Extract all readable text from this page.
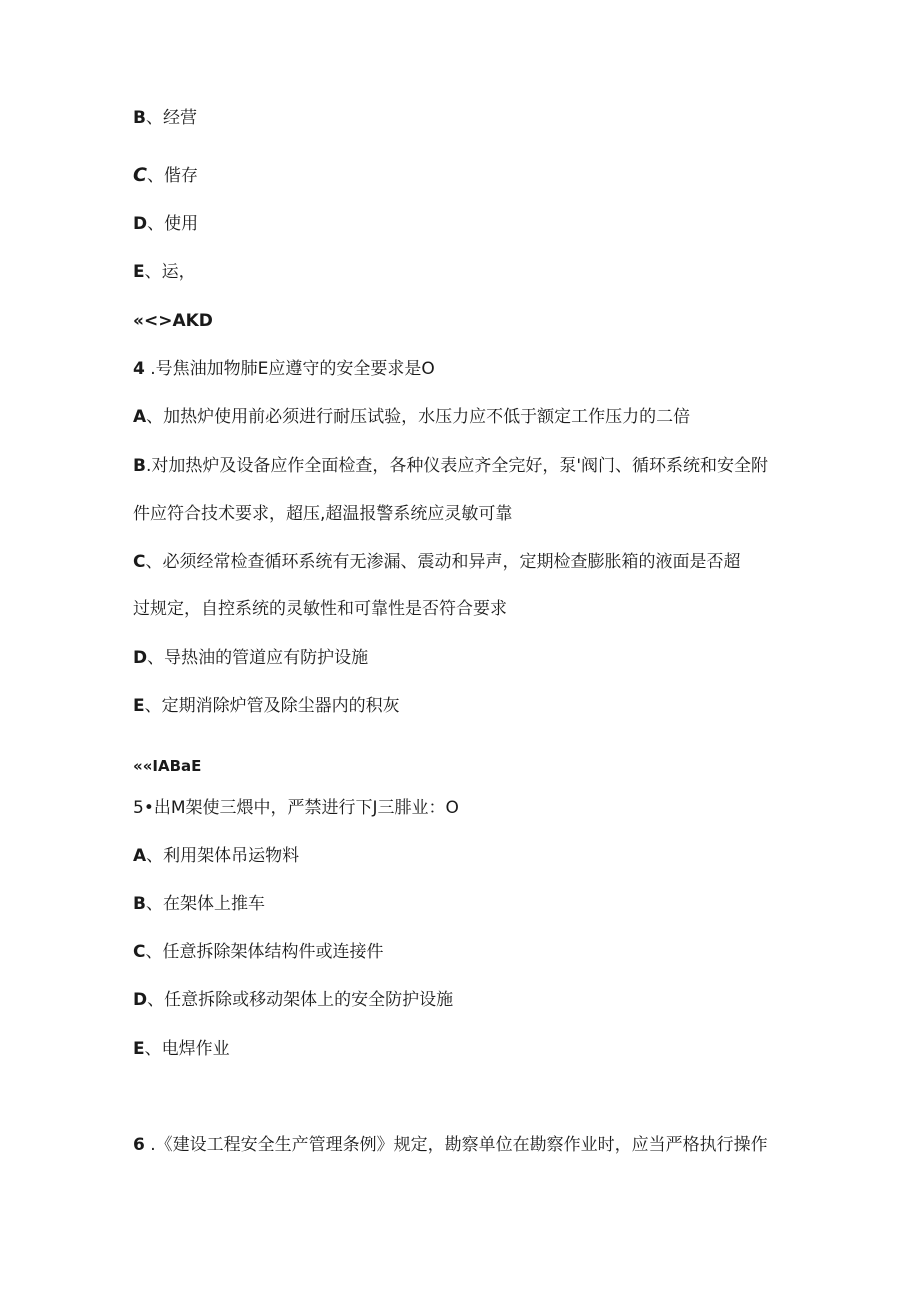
B、经营
C、偕存
D、使用
E、运，
«<>AKD
4 .号焦油加物肺E应遵守的安全要求是O
A、加热炉使用前必须进行耐压试验，水压力应不低于额定工作压力的二倍
B.对加热炉及设备应作全面检查，各种仪表应齐全完好，泵'阀门、循环系统和安全附
件应符合技术要求，超压,超温报警系统应灵敏可靠
C、必须经常检查循环系统有无渗漏、震动和异声，定期检查膨胀箱的液面是否超
过规定，自控系统的灵敏性和可靠性是否符合要求
D、导热油的管道应有防护设施
E、定期消除炉管及除尘器内的积灰
««IABaE
5•出M架使三煨中，严禁进行下J三腓业：O
A、利用架体吊运物料
B、在架体上推车
C、任意拆除架体结构件或连接件
D、任意拆除或移动架体上的安全防护设施
E、电焊作业
6 .《建设工程安全生产管理条例》规定，勘察单位在勘察作业时，应当严格执行操作
